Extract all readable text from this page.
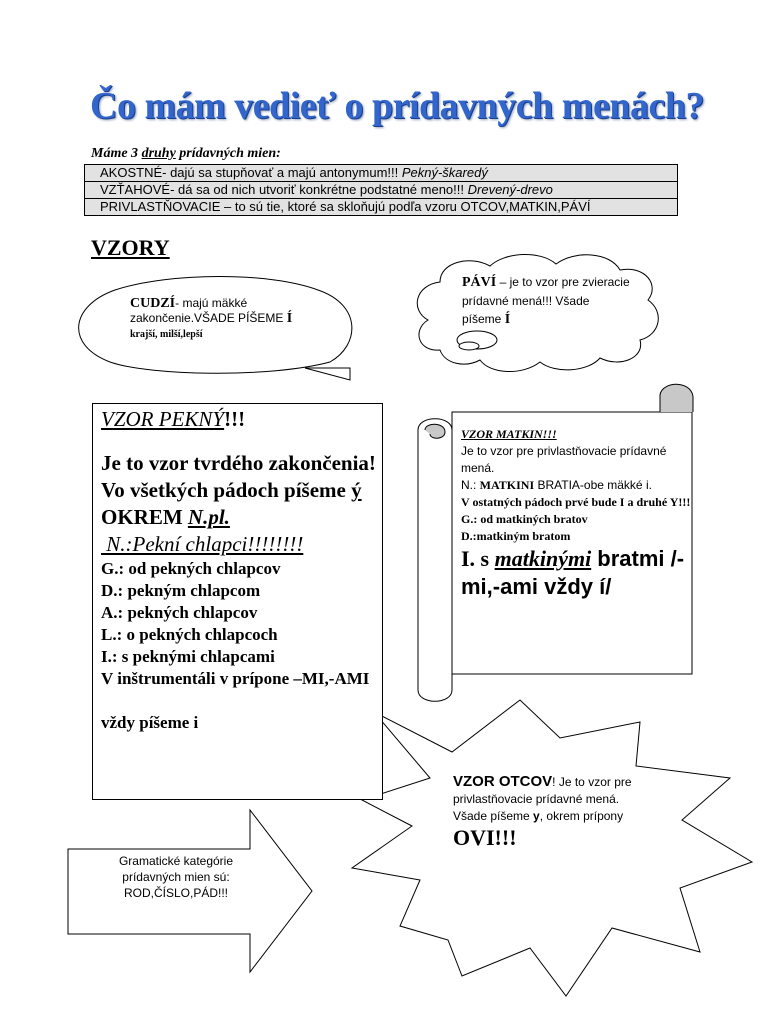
Čo mám vedieť o prídavných menách?
Máme 3 druhy prídavných mien:
AKOSTNÉ- dajú sa stupňovať a majú antonymum!!! Pekný-škaredý
VZŤAHOVÉ- dá sa od nich utvoriť konkrétne podstatné meno!!! Drevený-drevo
PRIVLASTŇOVACIE – to sú tie, ktoré sa skloňujú podľa vzoru OTCOV,MATKIN,PÁVÍ
VZORY
CUDZÍ- majú mäkké zakončenie.VŠADE PÍŠEME Í
krajší, milší,lepší
PÁVÍ – je to vzor pre zvieracie prídavné mená!!! Všade píšeme Í
VZOR PEKNÝ!!!
Je to vzor tvrdého zakončenia!
Vo všetkých pádoch píšeme ý OKREM N.pl.
N.:Pekní chlapci!!!!!!!!
G.: od pekných chlapcov
D.: pekným chlapcom
A.: pekných chlapcov
L.: o pekných chlapcoch
I.: s peknými chlapcami
V inštrumentáli v prípone –MI,-AMI
vždy píšeme i
VZOR MATKIN!!!
Je to vzor pre privlastňovacie prídavné mená.
N.: MATKINI BRATIA-obe mäkké i.
V ostatných pádoch prvé bude I a druhé Y!!!
G.: od matkiných bratov
D.:matkiným bratom
I. s matkinými bratmi /-mi,-ami vždy í/
VZOR OTCOV! Je to vzor pre privlastňovacie prídavné mená. Všade píšeme y, okrem prípony
OVI!!!
Gramatické kategórie prídavných mien sú: ROD,ČÍSLO,PÁD!!!
